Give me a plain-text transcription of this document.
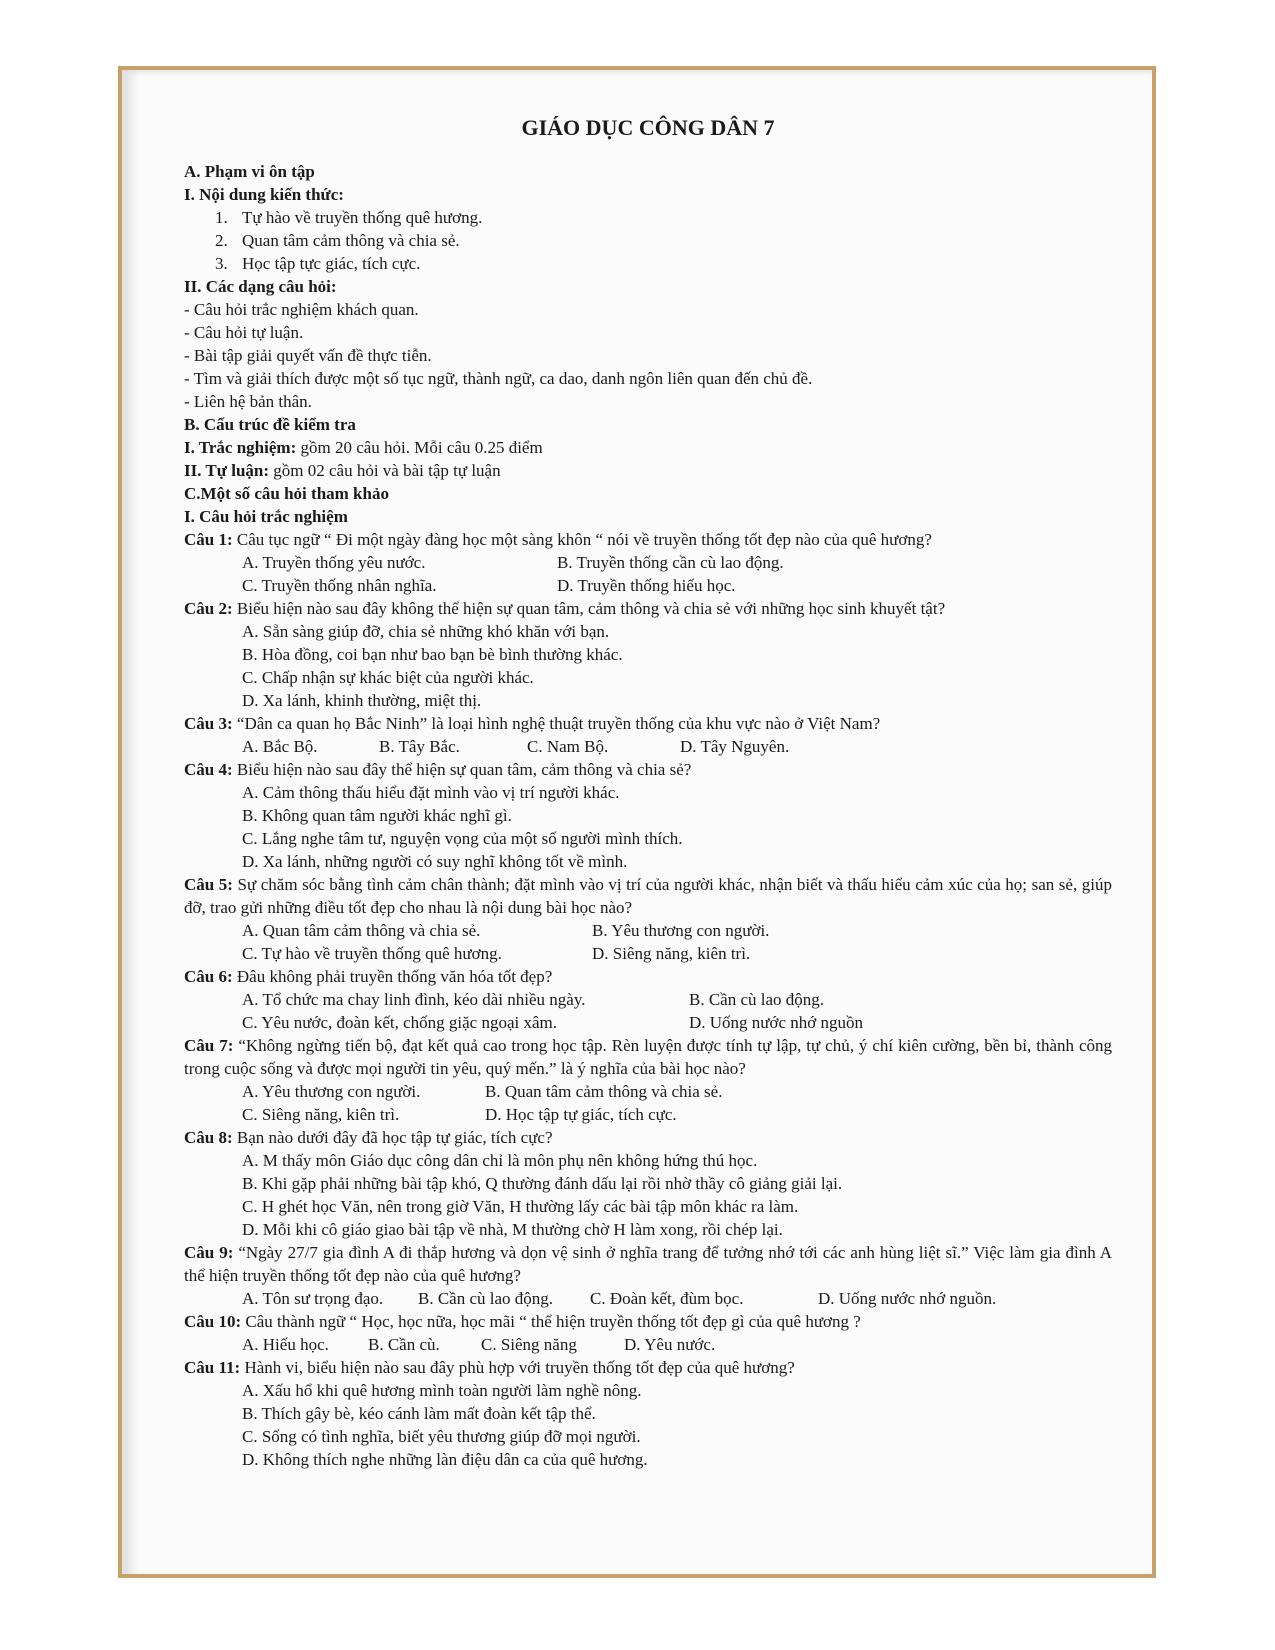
GIÁO DỤC CÔNG DÂN 7
A. Phạm vi ôn tập
I. Nội dung kiến thức:
1. Tự hào về truyền thống quê hương.
2. Quan tâm cảm thông và chia sẻ.
3. Học tập tực giác, tích cực.
II. Các dạng câu hỏi:
- Câu hỏi trắc nghiệm khách quan.
- Câu hỏi tự luận.
- Bài tập giải quyết vấn đề thực tiễn.
- Tìm và giải thích được một số tục ngữ, thành ngữ, ca dao, danh ngôn liên quan đến chủ đề.
- Liên hệ bản thân.
B. Cấu trúc đề kiểm tra
I. Trắc nghiệm: gồm 20 câu hỏi. Mỗi câu 0.25 điểm
II. Tự luận: gồm 02 câu hỏi và bài tập tự luận
C.Một số câu hỏi tham khảo
I. Câu hỏi trắc nghiệm
Câu 1: Câu tục ngữ “ Đi một ngày đàng học một sàng khôn “ nói về truyền thống tốt đẹp nào của quê hương?
A. Truyền thống yêu nước.	B. Truyền thống cần cù lao động.
C. Truyền thống nhân nghĩa.	D. Truyền thống hiếu học.
Câu 2: Biểu hiện nào sau đây không thể hiện sự quan tâm, cảm thông và chia sẻ với những học sinh khuyết tật?
A. Sẵn sàng giúp đỡ, chia sẻ những khó khăn với bạn.
B. Hòa đồng, coi bạn như bao bạn bè bình thường khác.
C. Chấp nhận sự khác biệt của người khác.
D. Xa lánh, khinh thường, miệt thị.
Câu 3: “Dân ca quan họ Bắc Ninh” là loại hình nghệ thuật truyền thống của khu vực nào ở Việt Nam?
A. Bắc Bộ.	B. Tây Bắc.	C. Nam Bộ.	D. Tây Nguyên.
Câu 4: Biểu hiện nào sau đây thể hiện sự quan tâm, cảm thông và chia sẻ?
A. Cảm thông thấu hiểu đặt mình vào vị trí người khác.
B. Không quan tâm người khác nghĩ gì.
C. Lắng nghe tâm tư, nguyện vọng của một số người mình thích.
D. Xa lánh, những người có suy nghĩ không tốt về mình.
Câu 5: Sự chăm sóc bằng tình cảm chân thành; đặt mình vào vị trí của người khác, nhận biết và thấu hiểu cảm xúc của họ; san sẻ, giúp đỡ, trao gửi những điều tốt đẹp cho nhau là nội dung bài học nào?
A. Quan tâm cảm thông và chia sẻ.	B. Yêu thương con người.
C. Tự hào về truyền thống quê hương.	D. Siêng năng, kiên trì.
Câu 6: Đâu không phải truyền thống văn hóa tốt đẹp?
A. Tổ chức ma chay linh đình, kéo dài nhiều ngày.	B. Cần cù lao động.
C. Yêu nước, đoàn kết, chống giặc ngoại xâm.	D. Uống nước nhớ nguồn
Câu 7: “Không ngừng tiến bộ, đạt kết quả cao trong học tập. Rèn luyện được tính tự lập, tự chủ, ý chí kiên cường, bền bỉ, thành công trong cuộc sống và được mọi người tin yêu, quý mến.” là ý nghĩa của bài học nào?
A. Yêu thương con người.	B. Quan tâm cảm thông và chia sẻ.
C. Siêng năng, kiên trì.	D. Học tập tự giác, tích cực.
Câu 8: Bạn nào dưới đây đã học tập tự giác, tích cực?
A. M thấy môn Giáo dục công dân chỉ là môn phụ nên không hứng thú học.
B. Khi gặp phải những bài tập khó, Q thường đánh dấu lại rồi nhờ thầy cô giảng giải lại.
C. H ghét học Văn, nên trong giờ Văn, H thường lấy các bài tập môn khác ra làm.
D. Mỗi khi cô giáo giao bài tập về nhà, M thường chờ H làm xong, rồi chép lại.
Câu 9: “Ngày 27/7 gia đình A đi thắp hương và dọn vệ sinh ở nghĩa trang để tưởng nhớ tới các anh hùng liệt sĩ.” Việc làm gia đình A thể hiện truyền thống tốt đẹp nào của quê hương?
A. Tôn sư trọng đạo.	B. Cần cù lao động.	C. Đoàn kết, đùm bọc.	D. Uống nước nhớ nguồn.
Câu 10: Câu thành ngữ “ Học, học nữa, học mãi “ thể hiện truyền thống tốt đẹp gì của quê hương ?
A. Hiếu học.	B. Cần cù.	C. Siêng năng	D. Yêu nước.
Câu 11: Hành vi, biểu hiện nào sau đây phù hợp với truyền thống tốt đẹp của quê hương?
A. Xấu hổ khi quê hương mình toàn người làm nghề nông.
B. Thích gây bè, kéo cánh làm mất đoàn kết tập thể.
C. Sống có tình nghĩa, biết yêu thương giúp đỡ mọi người.
D. Không thích nghe những làn điệu dân ca của quê hương.
